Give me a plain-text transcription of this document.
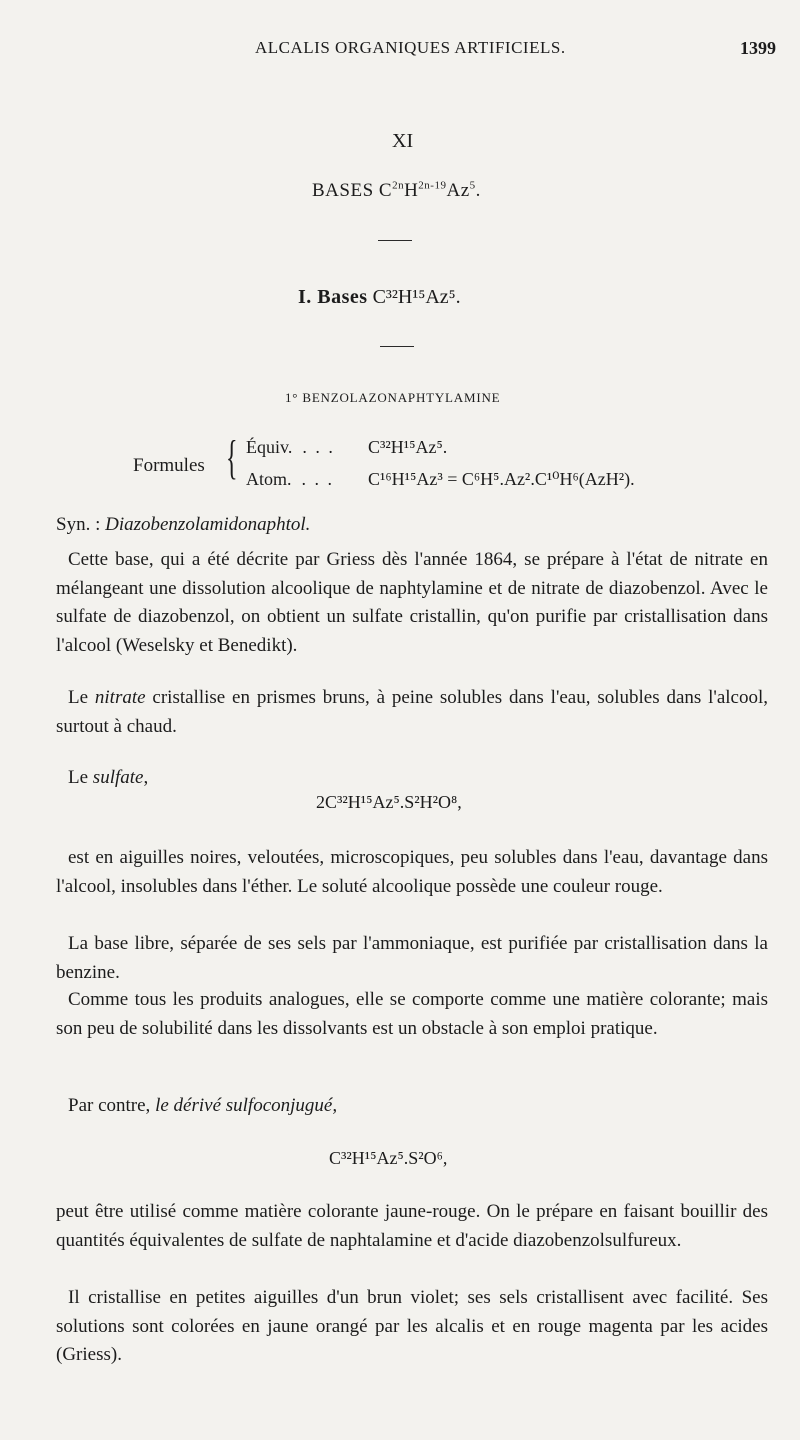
ALCALIS ORGANIQUES ARTIFICIELS.	1399
XI
BASES $C^{2n}H^{2n-19}Az^5$.
I. Bases C³²H¹⁵Az⁵.
1° BENZOLAZONAPHTYLAMINE
Formules { Équiv. . . . C³²H¹⁵Az⁵.
Atom. . . . C¹⁶H¹⁵Az³ = C⁶H⁵.Az².C¹⁰H⁶(AzH²).
Syn. : Diazobenzolamidonaphtol.

Cette base, qui a été décrite par Griess dès l'année 1864, se prépare à l'état de nitrate en mélangeant une dissolution alcoolique de naphtylamine et de nitrate de diazobenzol. Avec le sulfate de diazobenzol, on obtient un sulfate cristallin, qu'on purifie par cristallisation dans l'alcool (Weselsky et Benedikt).

Le nitrate cristallise en prismes bruns, à peine solubles dans l'eau, solubles dans l'alcool, surtout à chaud.

Le sulfate,

2C³²H¹⁵Az⁵.S²H²O⁸,

est en aiguilles noires, veloutées, microscopiques, peu solubles dans l'eau, davantage dans l'alcool, insolubles dans l'éther. Le soluté alcoolique possède une couleur rouge.

La base libre, séparée de ses sels par l'ammoniaque, est purifiée par cristallisation dans la benzine.

Comme tous les produits analogues, elle se comporte comme une matière colorante; mais son peu de solubilité dans les dissolvants est un obstacle à son emploi pratique.

Par contre, le dérivé sulfoconjugué,

C³²H¹⁵Az⁵.S²O⁶,

peut être utilisé comme matière colorante jaune-rouge. On le prépare en faisant bouillir des quantités équivalentes de sulfate de naphtalamine et d'acide diazobenzolsulfureux.

Il cristallise en petites aiguilles d'un brun violet; ses sels cristallisent avec facilité. Ses solutions sont colorées en jaune orangé par les alcalis et en rouge magenta par les acides (Griess).
